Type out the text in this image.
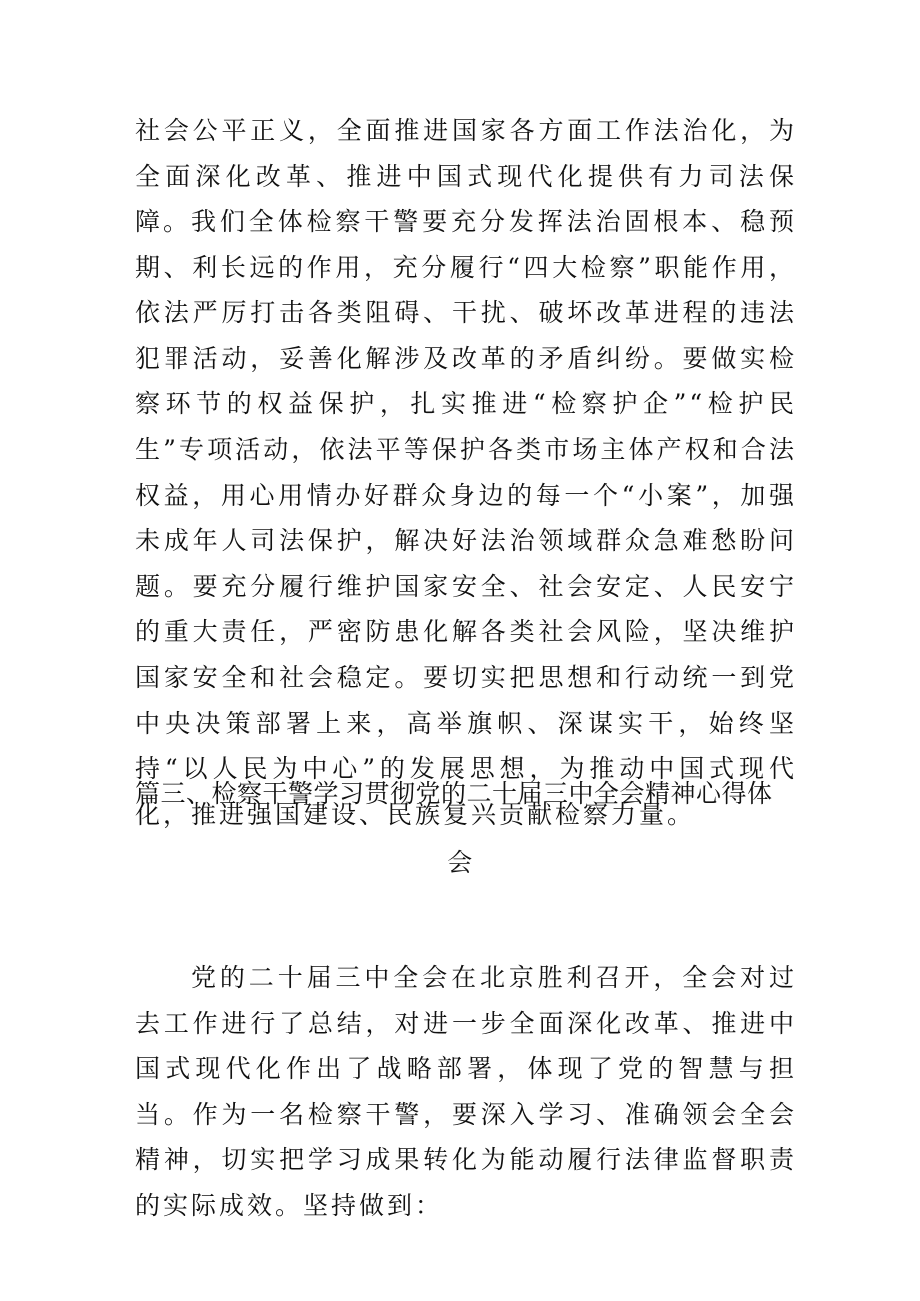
社会公平正义，全面推进国家各方面工作法治化，为全面深化改革、推进中国式现代化提供有力司法保障。 我们全体检察干警要充分发挥法治固根本、稳预期、利长远的作用，充分履行“四大检察”职能作用，依法严厉打击各类阻碍、干扰、破坏改革进程的违法犯罪活动，妥善化解涉及改革的矛盾纠纷。要做实检察环节的权益保护，扎实推进“检察护企”“检护民生”专项活动，依法平等保护各类市场主体产权和合法权益，用心用情办好群众身边的每一个“小案”，加强未成年人司法保护，解决好法治领域群众急难愁盼问题。要充分履行维护国家安全、社会安定、人民安宁的重大责任，严密防患化解各类社会风险，坚决维护国家安全和社会稳定。要切实把思想和行动统一到党中央决策部署上来，高举旗帜、深谋实干，始终坚持“以人民为中心”的发展思想，为推动中国式现代化，推进强国建设、民族复兴贡献检察力量。

篇三、检察干警学习贯彻党的二十届三中全会精神心得体

会

党的二十届三中全会在北京胜利召开，全会对过去工作进行了总结，对进一步全面深化改革、推进中国式现代化作出了战略部署，体现了党的智慧与担当。作为一名检察干警，要深入学习、准确领会全会精神，切实把学习成果转化为能动履行法律监督职责的实际成效。坚持做到：
